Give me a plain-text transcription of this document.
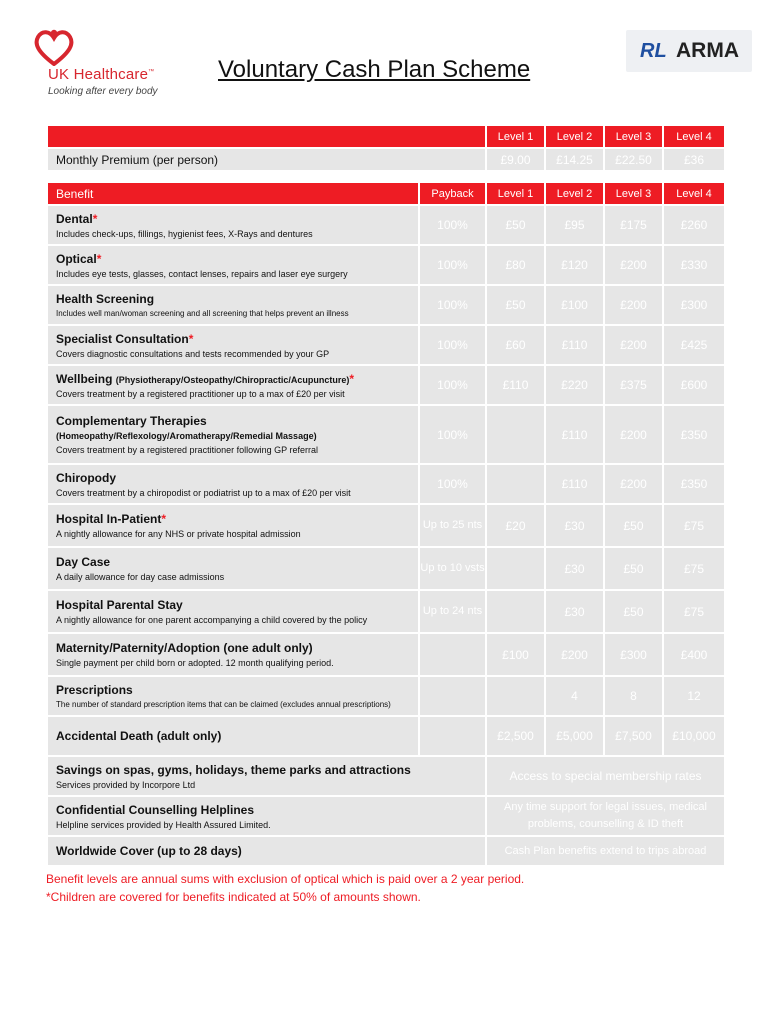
UK Healthcare™
Looking after every body
Voluntary Cash Plan Scheme
RL ARMA
	Level 1	Level 2	Level 3	Level 4
Monthly Premium (per person)	£9.00	£14.25	£22.50	£36
Benefit	Payback	Level 1	Level 2	Level 3	Level 4

Dental*
Includes check-ups, fillings, hygienist fees, X-Rays and dentures	100%	£50	£95	£175	£260

Optical*
Includes eye tests, glasses, contact lenses, repairs and laser eye surgery	100%	£80	£120	£200	£330

Health Screening
Includes well man/woman screening and all screening that helps prevent an illness	100%	£50	£100	£200	£300

Specialist Consultation*
Covers diagnostic consultations and tests recommended by your GP	100%	£60	£110	£200	£425

Wellbeing (Physiotherapy/Osteopathy/Chiropractic/Acupuncture)*
Covers treatment by a registered practitioner up to a max of £20 per visit	100%	£110	£220	£375	£600

Complementary Therapies
(Homeopathy/Reflexology/Aromatherapy/Remedial Massage)
Covers treatment by a registered practitioner following GP referral	100%		£110	£200	£350

Chiropody
Covers treatment by a chiropodist or podiatrist up to a max of £20 per visit	100%		£110	£200	£350

Hospital In-Patient*
A nightly allowance for any NHS or private hospital admission	Up to 25 nts	£20	£30	£50	£75

Day Case
A daily allowance for day case admissions	Up to 10 vsts		£30	£50	£75

Hospital Parental Stay
A nightly allowance for one parent accompanying a child covered by the policy	Up to 24 nts		£30	£50	£75

Maternity/Paternity/Adoption (one adult only)
Single payment per child born or adopted. 12 month qualifying period.		£100	£200	£300	£400

Prescriptions
The number of standard prescription items that can be claimed (excludes annual prescriptions)			4	8	12

Accidental Death (adult only)		£2,500	£5,000	£7,500	£10,000

Savings on spas, gyms, holidays, theme parks and attractions
Services provided by Incorpore Ltd		Access to special membership rates			

Confidential Counselling Helplines
Helpline services provided by Health Assured Limited.		Any time support for legal issues, medical problems, counselling & ID theft			

Worldwide Cover (up to 28 days)		Cash Plan benefits extend to trips abroad			
Benefit levels are annual sums with exclusion of optical which is paid over a 2 year period.
*Children are covered for benefits indicated at 50% of amounts shown.
